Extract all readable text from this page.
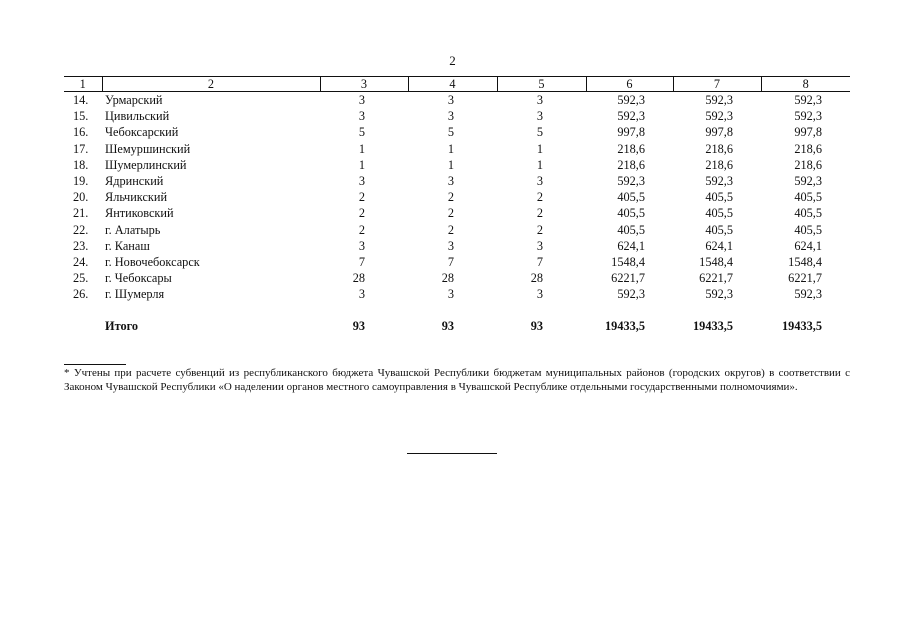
2
1	2	3	4	5	6	7	8
14.	Урмарский	3	3	3	592,3	592,3	592,3
15.	Цивильский	3	3	3	592,3	592,3	592,3
16.	Чебоксарский	5	5	5	997,8	997,8	997,8
17.	Шемуршинский	1	1	1	218,6	218,6	218,6
18.	Шумерлинский	1	1	1	218,6	218,6	218,6
19.	Ядринский	3	3	3	592,3	592,3	592,3
20.	Яльчикский	2	2	2	405,5	405,5	405,5
21.	Янтиковский	2	2	2	405,5	405,5	405,5
22.	г. Алатырь	2	2	2	405,5	405,5	405,5
23.	г. Канаш	3	3	3	624,1	624,1	624,1
24.	г. Новочебоксарск	7	7	7	1548,4	1548,4	1548,4
25.	г. Чебоксары	28	28	28	6221,7	6221,7	6221,7
26.	г. Шумерля	3	3	3	592,3	592,3	592,3

	Итого	93	93	93	19433,5	19433,5	19433,5
* Учтены при расчете субвенций из республиканского бюджета Чувашской Республики бюджетам муниципальных районов (городских округов) в соответствии с Законом Чувашской Республики «О наделении органов местного самоуправления в Чувашской Республике отдельными государственными полномочиями».
